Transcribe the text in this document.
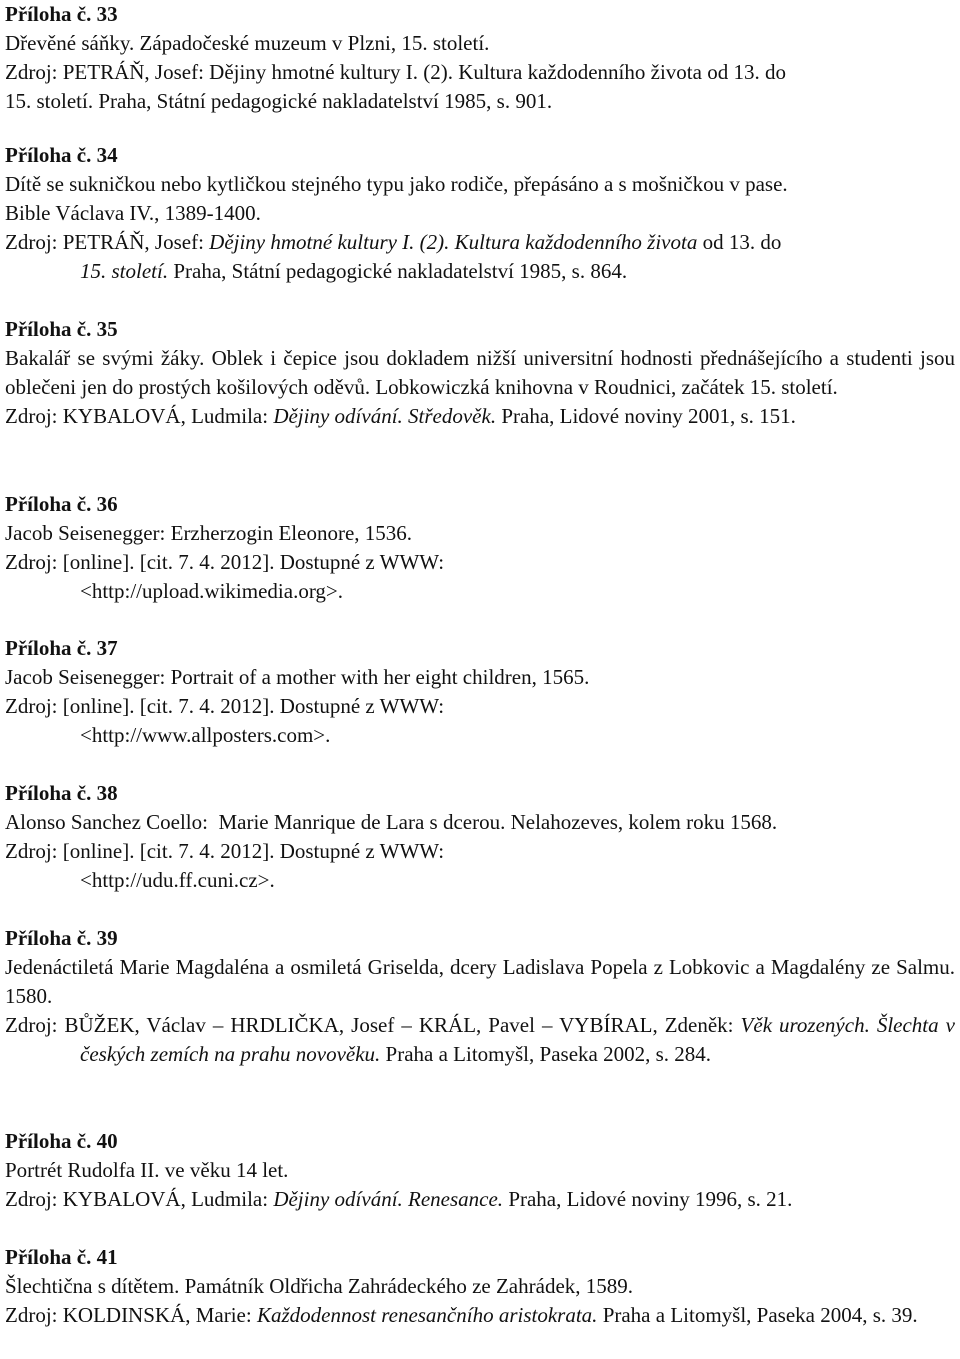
Příloha č. 33

Dřevěné sáňky. Západočeské muzeum v Plzni, 15. století.

Zdroj: PETRÁŇ, Josef: Dějiny hmotné kultury I. (2). Kultura každodenního života od 13. do

15. století. Praha, Státní pedagogické nakladatelství 1985, s. 901.

Příloha č. 34

Dítě se sukničkou nebo kytličkou stejného typu jako rodiče, přepásáno a s mošničkou v pase.

Bible Václava IV., 1389-1400.

Zdroj: PETRÁŇ, Josef: Dějiny hmotné kultury I. (2). Kultura každodenního života od 13. do
15. století. Praha, Státní pedagogické nakladatelství 1985, s. 864.

Příloha č. 35

Bakalář se svými žáky. Oblek i čepice jsou dokladem nižší universitní hodnosti přednášejícího a studenti jsou oblečeni jen do prostých košilových oděvů. Lobkowiczká knihovna v Roudnici, začátek 15. století.

Zdroj: KYBALOVÁ, Ludmila: Dějiny odívání. Středověk. Praha, Lidové noviny 2001, s. 151.

Příloha č. 36

Jacob Seisenegger: Erzherzogin Eleonore, 1536.

Zdroj: [online]. [cit. 7. 4. 2012]. Dostupné z WWW:

<http://upload.wikimedia.org>.

Příloha č. 37

Jacob Seisenegger: Portrait of a mother with her eight children, 1565.

Zdroj: [online]. [cit. 7. 4. 2012]. Dostupné z WWW:

<http://www.allposters.com>.

Příloha č. 38

Alonso Sanchez Coello:  Marie Manrique de Lara s dcerou. Nelahozeves, kolem roku 1568.

Zdroj: [online]. [cit. 7. 4. 2012]. Dostupné z WWW:

<http://udu.ff.cuni.cz>.

Příloha č. 39

Jedenáctiletá Marie Magdaléna a osmiletá Griselda, dcery Ladislava Popela z Lobkovic a Magdalény ze Salmu. 1580.

Zdroj: BŮŽEK, Václav – HRDLIČKA, Josef – KRÁL, Pavel – VYBÍRAL, Zdeněk: Věk urozených. Šlechta v českých zemích na prahu novověku. Praha a Litomyšl, Paseka 2002, s. 284.

Příloha č. 40

Portrét Rudolfa II. ve věku 14 let.

Zdroj: KYBALOVÁ, Ludmila: Dějiny odívání. Renesance. Praha, Lidové noviny 1996, s. 21.

Příloha č. 41

Šlechtična s dítětem. Památník Oldřicha Zahrádeckého ze Zahrádek, 1589.

Zdroj: KOLDINSKÁ, Marie: Každodennost renesančního aristokrata. Praha a Litomyšl, Paseka 2004, s. 39.
